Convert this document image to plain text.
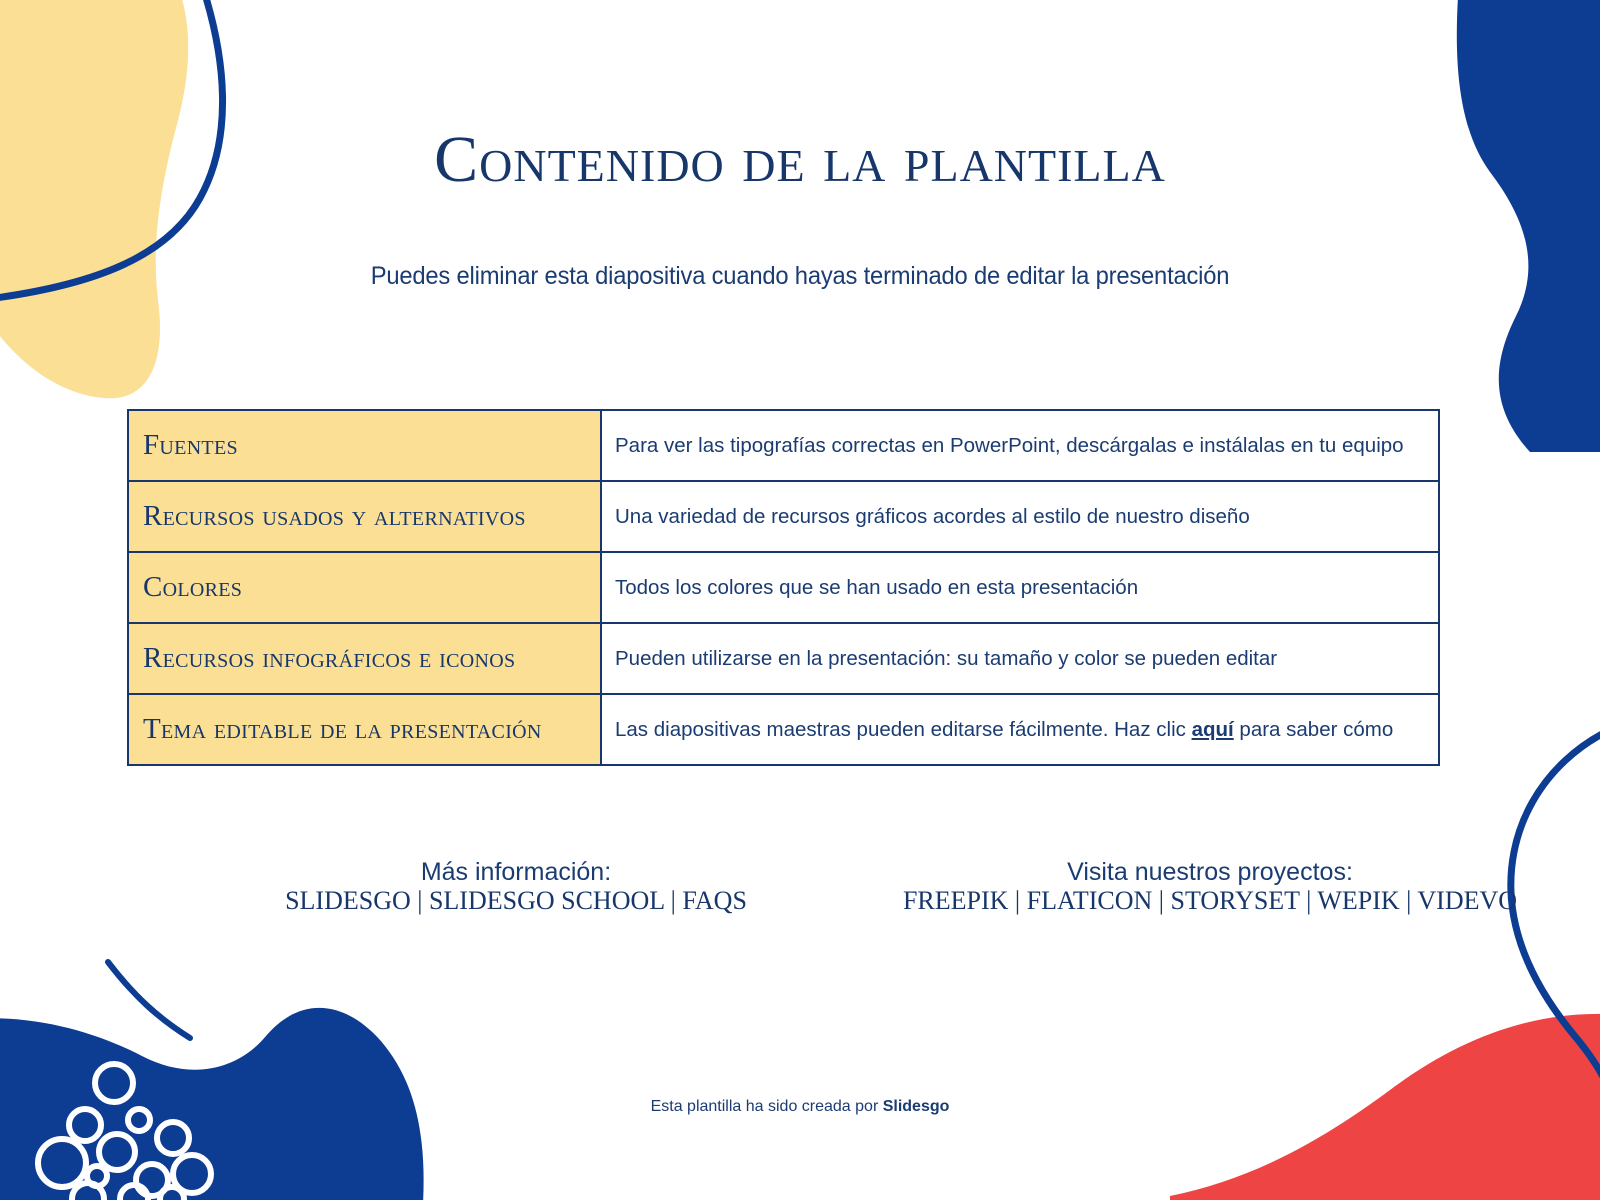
Contenido de la plantilla
Puedes eliminar esta diapositiva cuando hayas terminado de editar la presentación
Fuentes	Para ver las tipografías correctas en PowerPoint, descárgalas e instálalas en tu equipo
Recursos usados y alternativos	Una variedad de recursos gráficos acordes al estilo de nuestro diseño
Colores	Todos los colores que se han usado en esta presentación
Recursos infográficos e iconos	Pueden utilizarse en la presentación: su tamaño y color se pueden editar
Tema editable de la presentación	Las diapositivas maestras pueden editarse fácilmente. Haz clic aquí para saber cómo
Más información:
SLIDESGO | SLIDESGO SCHOOL | FAQS
Visita nuestros proyectos:
FREEPIK | FLATICON | STORYSET | WEPIK | VIDEVO
Esta plantilla ha sido creada por Slidesgo
